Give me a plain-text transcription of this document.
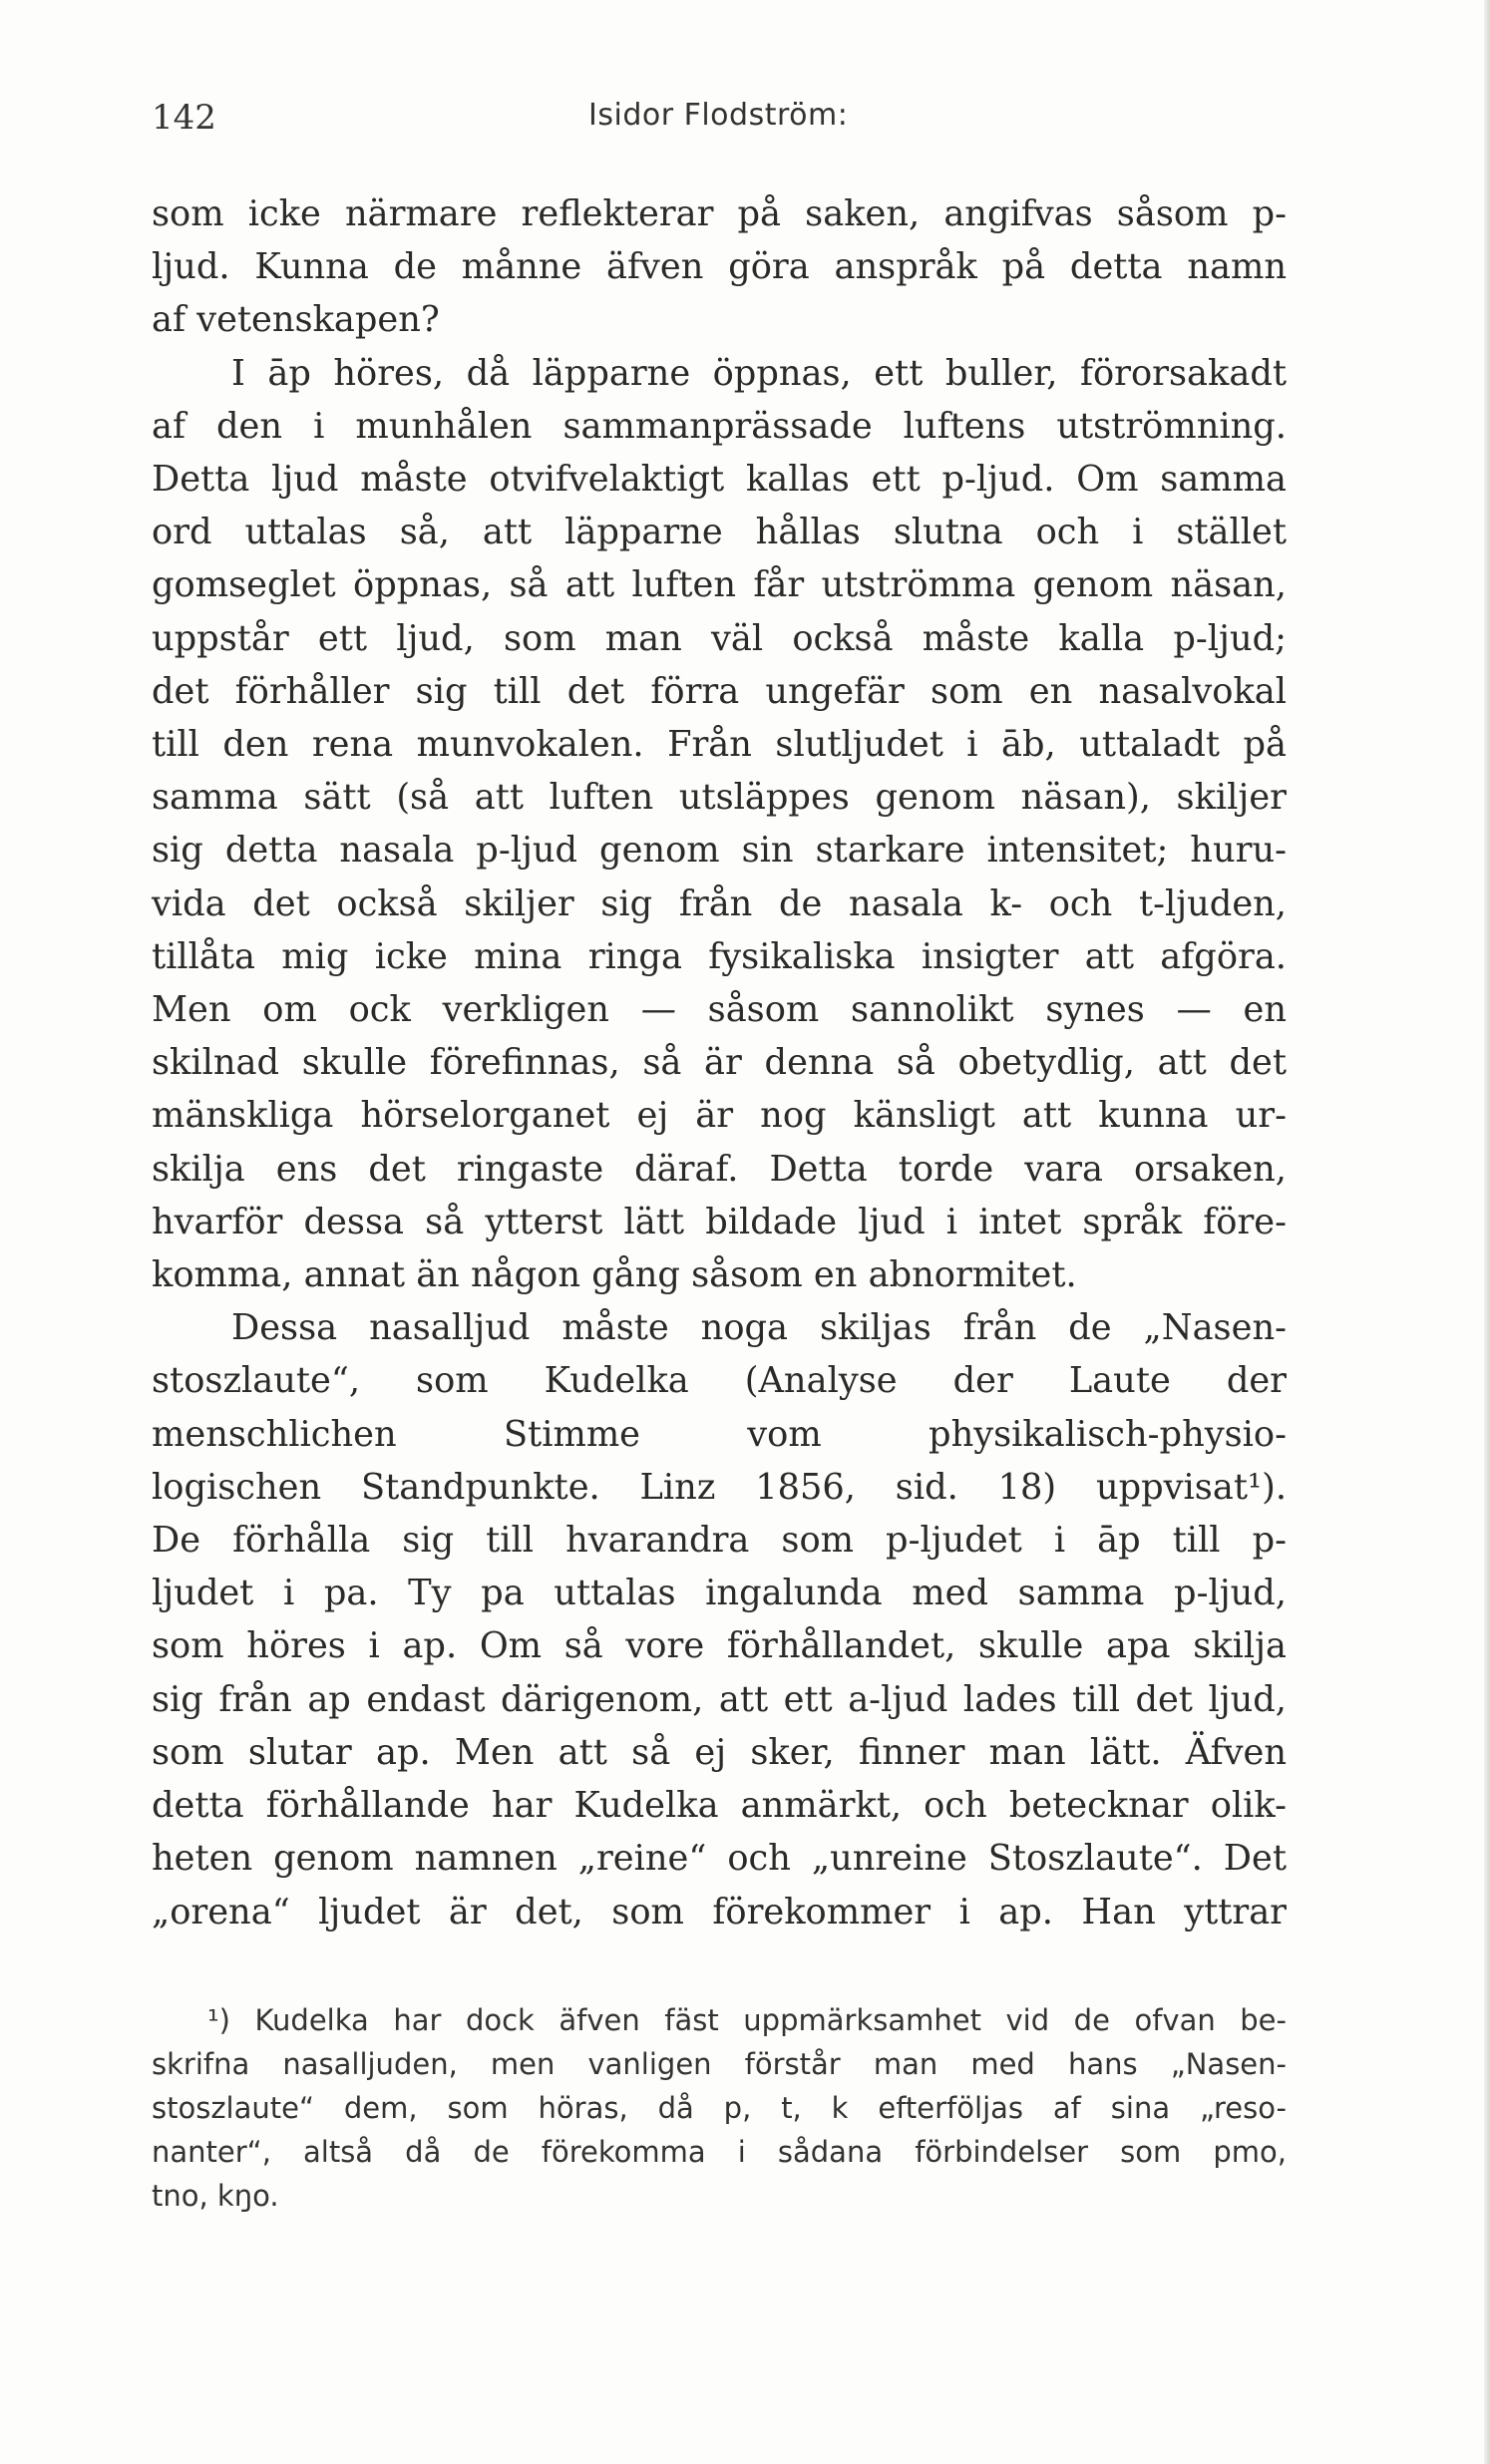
142	Isidor Flodström:
som icke närmare reflekterar på saken, angifvas såsom p-
ljud. Kunna de månne äfven göra anspråk på detta namn
af vetenskapen?
I āp höres, då läpparne öppnas, ett buller, förorsakadt
af den i munhålen sammanprässade luftens utströmning.
Detta ljud måste otvifvelaktigt kallas ett p-ljud. Om samma
ord uttalas så, att läpparne hållas slutna och i stället
gomseglet öppnas, så att luften får utströmma genom näsan,
uppstår ett ljud, som man väl också måste kalla p-ljud;
det förhåller sig till det förra ungefär som en nasalvokal
till den rena munvokalen. Från slutljudet i āb, uttaladt på
samma sätt (så att luften utsläppes genom näsan), skiljer
sig detta nasala p-ljud genom sin starkare intensitet; huru-
vida det också skiljer sig från de nasala k- och t-ljuden,
tillåta mig icke mina ringa fysikaliska insigter att afgöra.
Men om ock verkligen — såsom sannolikt synes — en
skilnad skulle förefinnas, så är denna så obetydlig, att det
mänskliga hörselorganet ej är nog känsligt att kunna ur-
skilja ens det ringaste däraf. Detta torde vara orsaken,
hvarför dessa så ytterst lätt bildade ljud i intet språk före-
komma, annat än någon gång såsom en abnormitet.
Dessa nasalljud måste noga skiljas från de „Nasen-
stoszlaute“, som Kudelka (Analyse der Laute der
menschlichen Stimme vom physikalisch-physio-
logischen Standpunkte. Linz 1856, sid. 18) uppvisat¹).
De förhålla sig till hvarandra som p-ljudet i āp till p-
ljudet i pa. Ty pa uttalas ingalunda med samma p-ljud,
som höres i ap. Om så vore förhållandet, skulle apa skilja
sig från ap endast därigenom, att ett a-ljud lades till det ljud,
som slutar ap. Men att så ej sker, finner man lätt. Äfven
detta förhållande har Kudelka anmärkt, och betecknar olik-
heten genom namnen „reine“ och „unreine Stoszlaute“. Det
„orena“ ljudet är det, som förekommer i ap. Han yttrar
¹) Kudelka har dock äfven fäst uppmärksamhet vid de ofvan be-
skrifna nasalljuden, men vanligen förstår man med hans „Nasen-
stoszlaute“ dem, som höras, då p, t, k efterföljas af sina „reso-
nanter“, altså då de förekomma i sådana förbindelser som pmo,
tno, kŋo.
